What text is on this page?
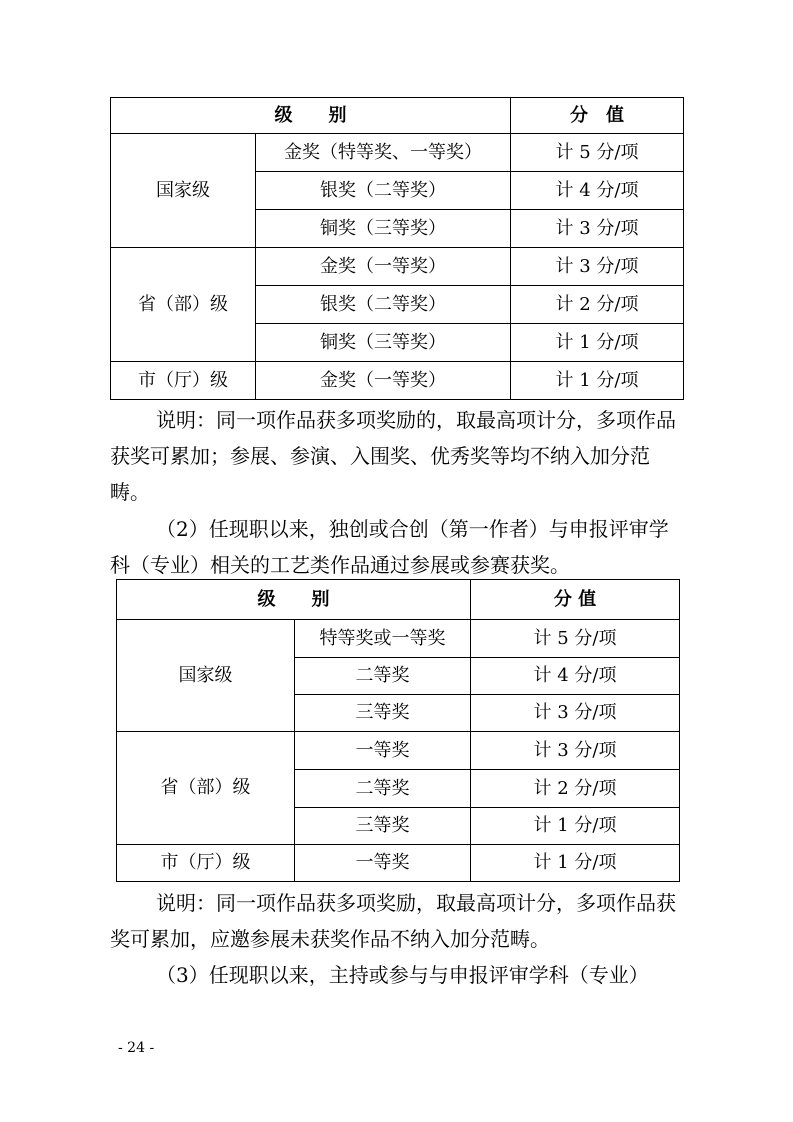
级　　别		分　值
国家级	金奖（特等奖、一等奖）	计 5 分/项
	银奖（二等奖）	计 4 分/项
	铜奖（三等奖）	计 3 分/项
省（部）级	金奖（一等奖）	计 3 分/项
	银奖（二等奖）	计 2 分/项
	铜奖（三等奖）	计 1 分/项
市（厅）级	金奖（一等奖）	计 1 分/项

说明：同一项作品获多项奖励的，取最高项计分，多项作品获奖可累加；参展、参演、入围奖、优秀奖等均不纳入加分范畴。

（2）任现职以来，独创或合创（第一作者）与申报评审学科（专业）相关的工艺类作品通过参展或参赛获奖。

级　　别		分 值
国家级	特等奖或一等奖	计 5 分/项
	二等奖	计 4 分/项
	三等奖	计 3 分/项
省（部）级	一等奖	计 3 分/项
	二等奖	计 2 分/项
	三等奖	计 1 分/项
市（厅）级	一等奖	计 1 分/项

说明：同一项作品获多项奖励，取最高项计分，多项作品获奖可累加，应邀参展未获奖作品不纳入加分范畴。

（3）任现职以来，主持或参与与申报评审学科（专业）

- 24 -
